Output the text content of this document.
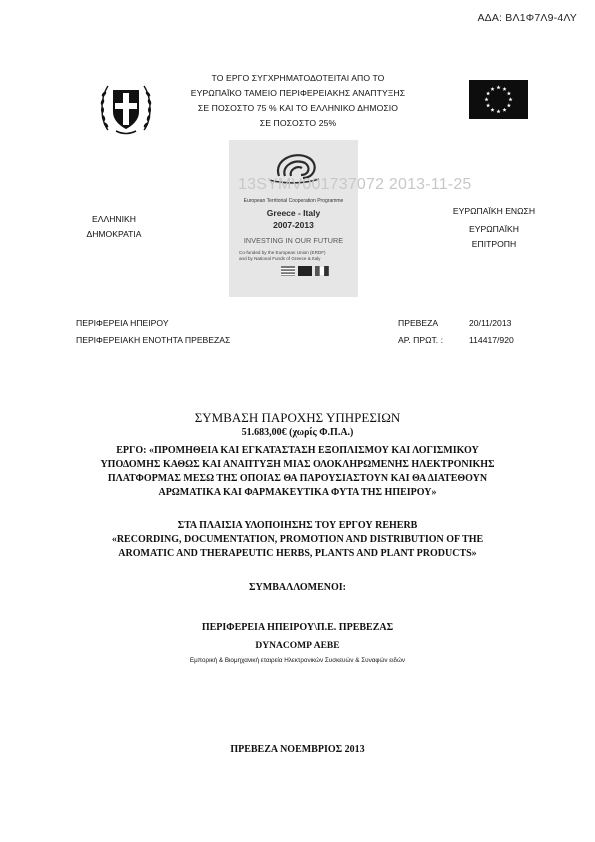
ΑΔΑ: ΒΛ1Φ7Λ9-4ΛΥ
ΤΟ ΕΡΓΟ ΣΥΓΧΡΗΜΑΤΟΔΟΤΕΙΤΑΙ ΑΠΟ ΤΟ
ΕΥΡΩΠΑΪΚΟ ΤΑΜΕΙΟ ΠΕΡΙΦΕΡΕΙΑΚΗΣ ΑΝΑΠΤΥΞΗΣ
ΣΕ ΠΟΣΟΣΤΟ 75 % ΚΑΙ ΤΟ ΕΛΛΗΝΙΚΟ ΔΗΜΟΣΙΟ
ΣΕ ΠΟΣΟΣΤΟ 25%
European Territorial Cooperation Programme
Greece - Italy
2007-2013
INVESTING IN OUR FUTURE
Co-funded by the European Union (ERDF)
and by National Funds of Greece & Italy
13SYMV001737072 2013-11-25
ΕΛΛΗΝΙΚΗ
ΔΗΜΟΚΡΑΤΙΑ
ΕΥΡΩΠΑΪΚΗ ΕΝΩΣΗ
ΕΥΡΩΠΑΪΚΗ
ΕΠΙΤΡΟΠΗ
ΠΕΡΙΦΕΡΕΙΑ ΗΠΕΙΡΟΥ
ΠΕΡΙΦΕΡΕΙΑΚΗ ΕΝΟΤΗΤΑ ΠΡΕΒΕΖΑΣ
ΠΡΕΒΕΖΑ	20/11/2013
ΑΡ. ΠΡΩΤ. :	114417/920
ΣΥΜΒΑΣΗ ΠΑΡΟΧΗΣ ΥΠΗΡΕΣΙΩΝ
51.683,00€ (χωρίς Φ.Π.Α.)
ΕΡΓΟ: «ΠΡΟΜΗΘΕΙΑ ΚΑΙ ΕΓΚΑΤΑΣΤΑΣΗ ΕΞΟΠΛΙΣΜΟΥ ΚΑΙ ΛΟΓΙΣΜΙΚΟΥ
ΥΠΟΔΟΜΗΣ ΚΑΘΩΣ ΚΑΙ ΑΝΑΠΤΥΞΗ ΜΙΑΣ ΟΛΟΚΛΗΡΩΜΕΝΗΣ ΗΛΕΚΤΡΟΝΙΚΗΣ
ΠΛΑΤΦΟΡΜΑΣ ΜΕΣΩ ΤΗΣ ΟΠΟΙΑΣ ΘΑ ΠΑΡΟΥΣΙΑΣΤΟΥΝ ΚΑΙ ΘΑ ΔΙΑΤΕΘΟΥΝ
ΑΡΩΜΑΤΙΚΑ ΚΑΙ ΦΑΡΜΑΚΕΥΤΙΚΑ ΦΥΤΑ ΤΗΣ ΗΠΕΙΡΟΥ»
ΣΤΑ ΠΛΑΙΣΙΑ ΥΛΟΠΟΙΗΣΗΣ ΤΟΥ ΕΡΓΟΥ REHERB
«RECORDING, DOCUMENTATION, PROMOTION AND DISTRIBUTION OF THE
AROMATIC AND THERAPEUTIC HERBS, PLANTS AND PLANT PRODUCTS»
ΣΥΜΒΑΛΛΟΜΕΝΟΙ:
ΠΕΡΙΦΕΡΕΙΑ ΗΠΕΙΡΟΥ\Π.Ε. ΠΡΕΒΕΖΑΣ
DYNACOMP ΑΕΒΕ
Εμπορική & Βιομηχανική εταιρεία Ηλεκτρονικών Συσκευών & Συναφών ειδών
ΠΡΕΒΕΖΑ ΝΟΕΜΒΡΙΟΣ 2013
